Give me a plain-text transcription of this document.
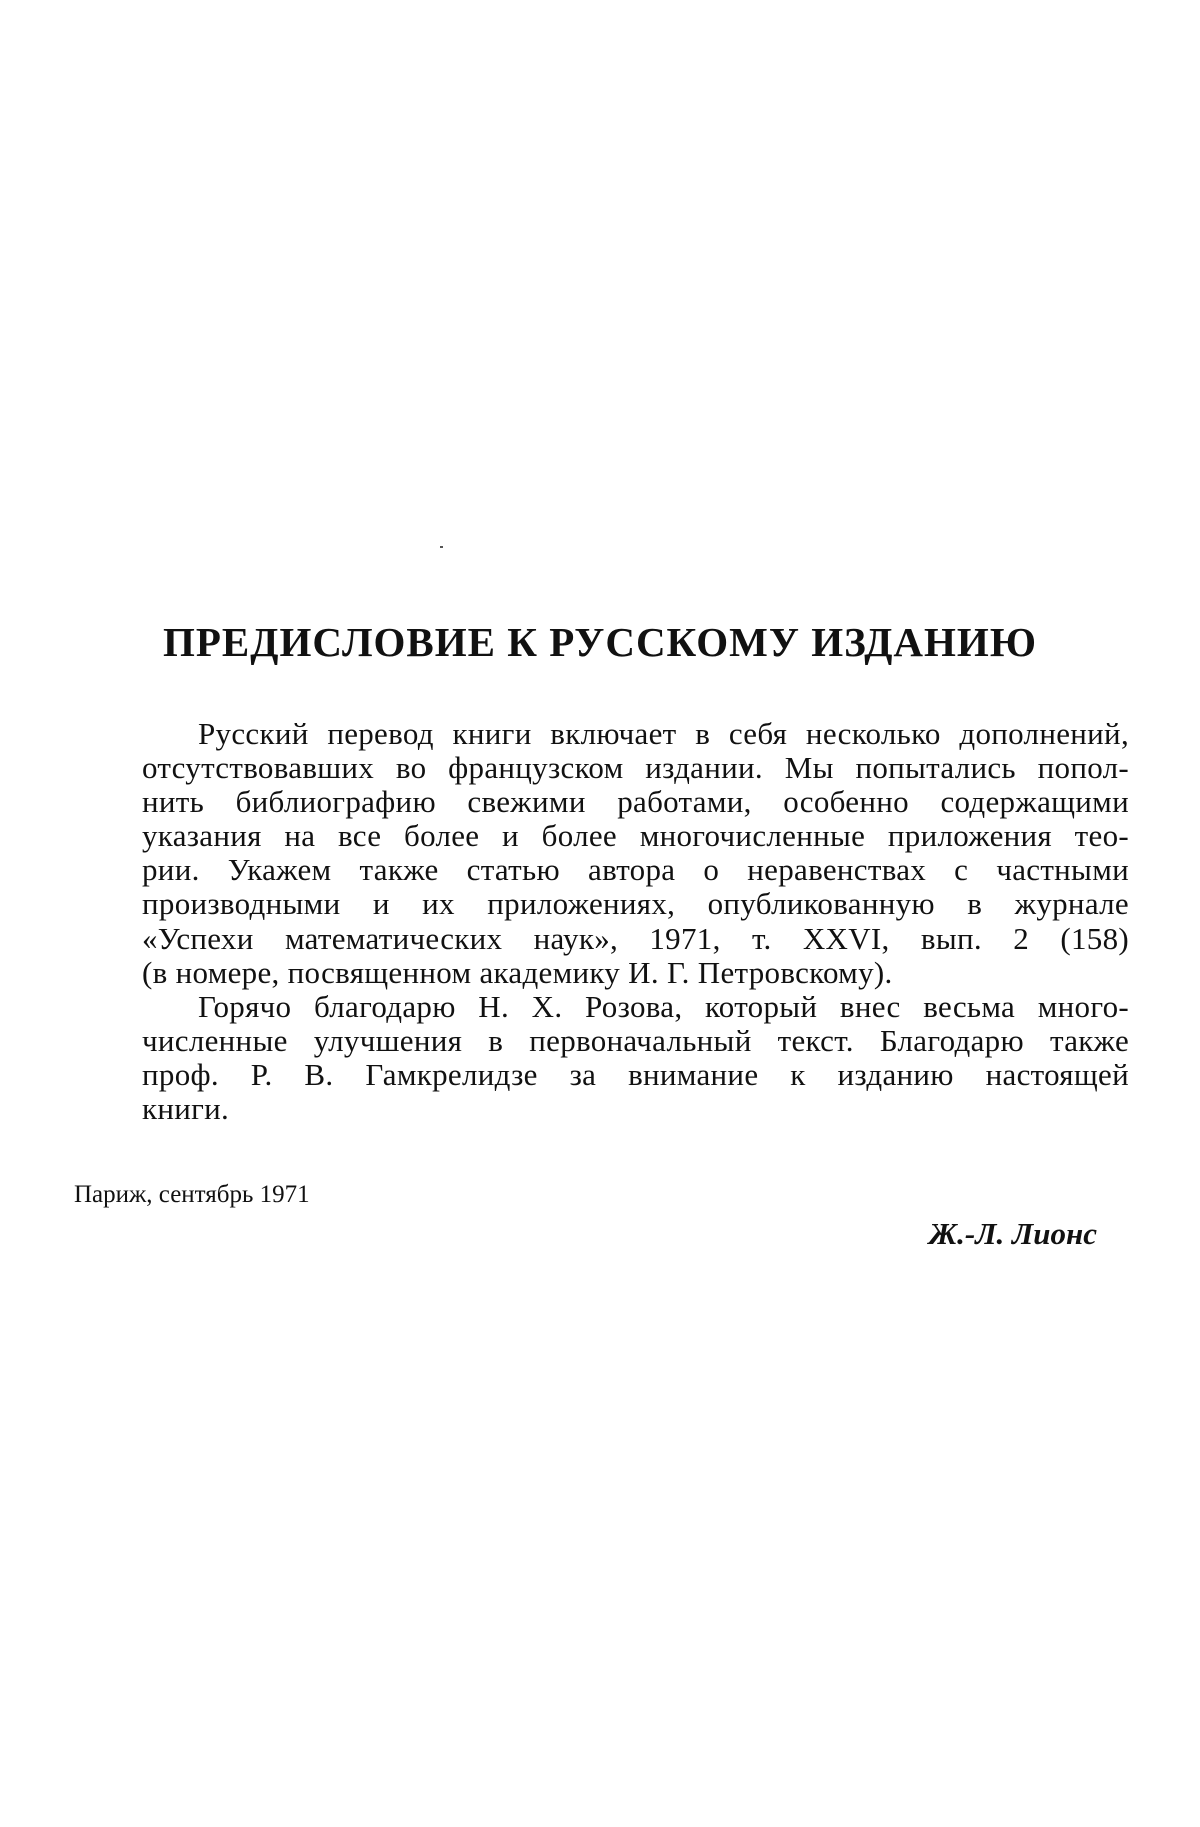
ПРЕДИСЛОВИЕ К РУССКОМУ ИЗДАНИЮ

Русский перевод книги включает в себя несколько дополнений,
отсутствовавших во французском издании. Мы попытались попол-
нить библиографию свежими работами, особенно содержащими
указания на все более и более многочисленные приложения тео-
рии. Укажем также статью автора о неравенствах с частными
производными и их приложениях, опубликованную в журнале
«Успехи математических наук», 1971, т. XXVI, вып. 2 (158)
(в номере, посвященном академику И. Г. Петровскому).

Горячо благодарю Н. Х. Розова, который внес весьма много-
численные улучшения в первоначальный текст. Благодарю также
проф. Р. В. Гамкрелидзе за внимание к изданию настоящей
книги.

Париж, сентябрь 1971
Ж.-Л. Лионс
